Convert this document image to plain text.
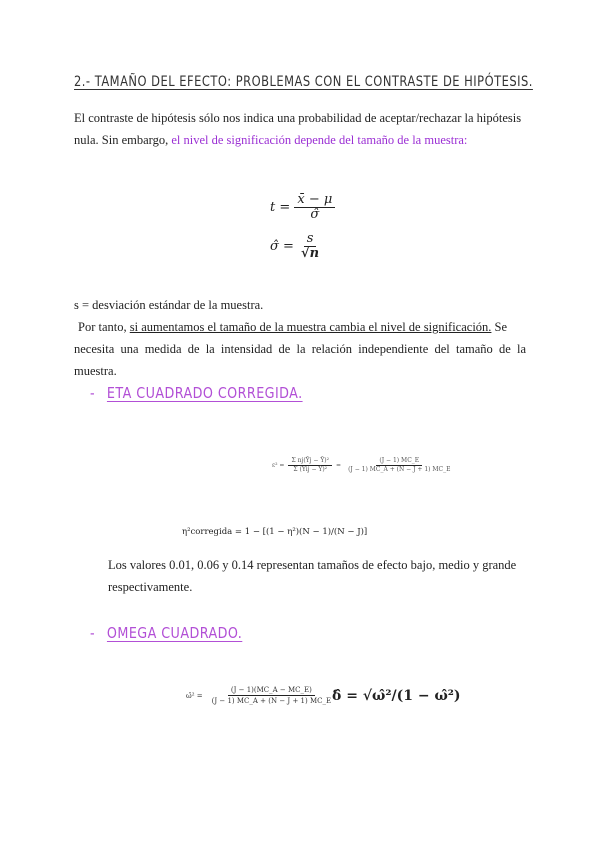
2.- TAMAÑO DEL EFECTO: PROBLEMAS CON EL CONTRASTE DE HIPÓTESIS.
El contraste de hipótesis sólo nos indica una probabilidad de aceptar/rechazar la hipótesis
nula. Sin embargo, el nivel de significación depende del tamaño de la muestra:
$t = \frac{x̄ - \mu}{\sigmâ}$
σ̂ = $\frac{s}{√n}$
s = desviación estándar de la muestra.
Por tanto, si aumentamos el tamaño de la muestra cambia el nivel de significación. Se
necesita una medida de la intensidad de la relación independiente del tamaño de la muestra.
- ETA CUADRADO CORREGIDA.
$\varepsilon^2 = \frac{\text{Σ nj(Ȳj − Ȳ)²}}{\text{Σ (Yij − Ȳ)²}} = \frac{(J - 1) MC\_E}{(J - 1) MC\_A + (N - J + 1) MC\_E}$
η²corregida = 1 − [(1 − η²)(N − 1)/(N − J)]
Los valores 0.01, 0.06 y 0.14 representan tamaños de efecto bajo, medio y grande
respectivamente.
- OMEGA CUADRADO.
ω̂² = $\frac{(J - 1)(MC\_A - MC\_E)}{(J - 1) MC\_A + (N - J + 1) MC\_E}$
δ̂ = √ω̂²/(1 − ω̂²)
